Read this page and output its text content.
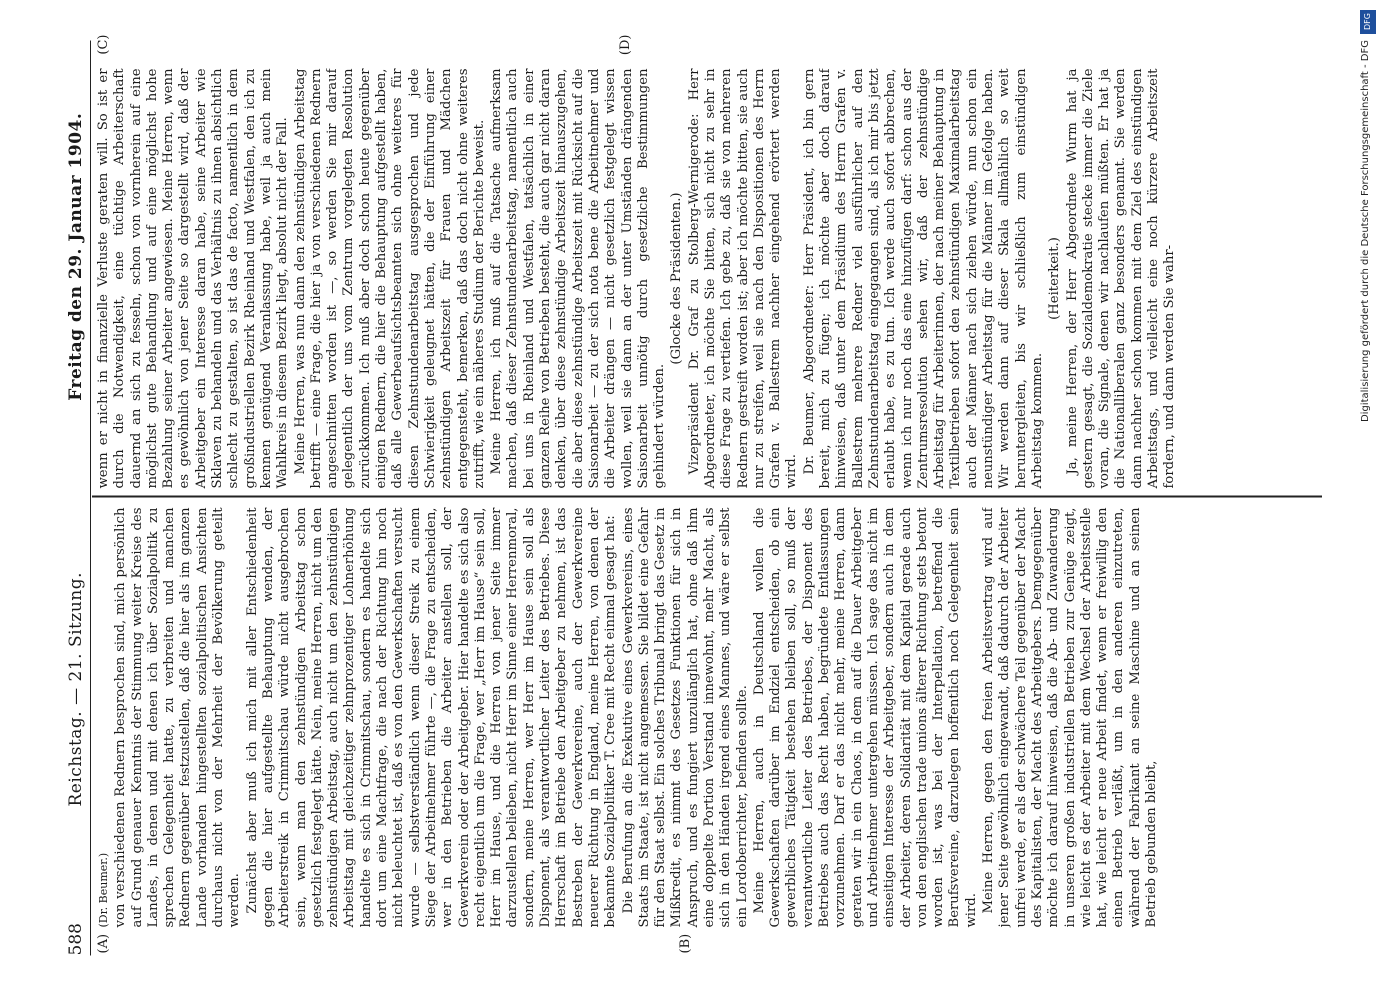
588
Reichstag. — 21. Sitzung.
Freitag den 29. Januar 1904.
(A)	(B)
(C)	(D)

(Dr. Beumer.) von verschiedenen Rednern besprochen sind, mich persönlich auf Grund genauer Kenntnis der Stimmung weiter Kreise des Landes, in denen und mit denen ich über Sozialpolitik zu sprechen Gelegenheit hatte, zu verbreiten und manchen Rednern gegenüber festzustellen, daß die hier als im ganzen Lande vorhanden hingestellten sozialpolitischen Ansichten durchaus nicht von der Mehrheit der Bevölkerung geteilt werden. Zunächst aber muß ich mich mit aller Entschiedenheit gegen die hier aufgestellte Behauptung wenden, der Arbeiterstreik in Crimmitschau würde nicht ausgebrochen sein, wenn man den zehnstündigen Arbeitstag schon gesetzlich festgelegt hätte. Nein, meine Herren, nicht um den zehnstündigen Arbeitstag, auch nicht um den zehnstündigen Arbeitstag mit gleichzeitiger zehnprozentiger Lohnerhöhung handelte es sich in Crimmitschau, sondern es handelte sich dort um eine Machtfrage, die nach der Richtung hin noch nicht beleuchtet ist, daß es von den Gewerkschaften versucht wurde — selbstverständlich wenn dieser Streik zu einem Siege der Arbeitnehmer führte —, die Frage zu entscheiden, wer in den Betrieben die Arbeiter anstellen soll, der Gewerkverein oder der Arbeitgeber. Hier handelte es sich also recht eigentlich um die Frage, wer „Herr im Hause“ sein soll, Herr im Hause, und die Herren von jener Seite immer darzustellen belieben, nicht Herr im Sinne einer Herrenmoral, sondern, meine Herren, wer Herr im Hause sein soll als Disponent, als verantwortlicher Leiter des Betriebes. Diese Herrschaft im Betriebe den Arbeitgeber zu nehmen, ist das Bestreben der Gewerkvereine, auch der Gewerkvereine neuerer Richtung in England, meine Herren, von denen der bekannte Sozialpolitiker T. Cree mit Recht einmal gesagt hat: Die Berufung an die Exekutive eines Gewerkvereins, eines Staats im Staate, ist nicht angemessen. Sie bildet eine Gefahr für den Staat selbst. Ein solches Tribunal bringt das Gesetz in Mißkredit, es nimmt des Gesetzes Funktionen für sich in Anspruch, und es fungiert unzulänglich hat, ohne daß ihm eine doppelte Portion Verstand innewohnt, mehr Macht, als sich in den Händen irgend eines Mannes, und wäre er selbst ein Lordoberrichter, befinden sollte. Meine Herren, auch in Deutschland wollen die Gewerkschaften darüber im Endziel entscheiden, ob ein gewerbliches Tätigkeit bestehen bleiben soll, so muß der verantwortliche Leiter des Betriebes, der Disponent des Betriebes auch das Recht haben, begründete Entlassungen vorzunehmen. Darf er das nicht mehr, meine Herren, dann geraten wir in ein Chaos, in dem auf die Dauer Arbeitgeber und Arbeitnehmer untergehen müssen. Ich sage das nicht im einseitigen Interesse der Arbeitgeber, sondern auch in dem der Arbeiter, deren Solidarität mit dem Kapital gerade auch von den englischen trade unions älterer Richtung stets betont worden ist, was bei der Interpellation, betreffend die Berufsvereine, darzulegen hoffentlich noch Gelegenheit sein wird. Meine Herren, gegen den freien Arbeitsvertrag wird auf jener Seite gewöhnlich eingewandt, daß dadurch der Arbeiter unfrei werde, er als der schwächere Teil gegenüber der Macht des Kapitalisten, der Macht des Arbeitgebers. Demgegenüber möchte ich darauf hinweisen, daß die Ab- und Zuwanderung in unseren großen industriellen Betrieben zur Genüge zeigt, wie leicht es der Arbeiter mit dem Wechsel der Arbeitsstelle hat, wie leicht er neue Arbeit findet, wenn er freiwillig den einen Betrieb verläßt, um in den anderen einzutreten, während der Fabrikant an seine Maschine und an seinen Betrieb gebunden bleibt,

wenn er nicht in finanzielle Verluste geraten will. So ist er durch die Notwendigkeit, eine tüchtige Arbeiterschaft dauernd an sich zu fesseln, schon von vornherein auf eine möglichst gute Behandlung und auf eine möglichst hohe Bezahlung seiner Arbeiter angewiesen. Meine Herren, wenn es gewöhnlich von jener Seite so dargestellt wird, daß der Arbeitgeber ein Interesse daran habe, seine Arbeiter wie Sklaven zu behandeln und das Verhältnis zu ihnen absichtlich schlecht zu gestalten, so ist das de facto, namentlich in dem großindustriellen Bezirk Rheinland und Westfalen, den ich zu kennen genügend Veranlassung habe, weil ja auch mein Wahlkreis in diesem Bezirk liegt, absolut nicht der Fall. Meine Herren, was nun dann den zehnstündigen Arbeitstag betrifft — eine Frage, die hier ja von verschiedenen Rednern angeschnitten worden ist —, so werden Sie mir darauf gelegentlich der uns vom Zentrum vorgelegten Resolution zurückkommen. Ich muß aber doch schon heute gegenüber einigen Rednern, die hier die Behauptung aufgestellt haben, daß alle Gewerbeaufsichtsbeamten sich ohne weiteres für diesen Zehnstundenarbeitstag ausgesprochen und jede Schwierigkeit geleugnet hätten, die der Einführung einer zehnstündigen Arbeitszeit für Frauen und Mädchen entgegensteht, bemerken, daß das doch nicht ohne weiteres zutrifft, wie ein näheres Studium der Berichte beweist. Meine Herren, ich muß auf die Tatsache aufmerksam machen, daß dieser Zehnstundenarbeitstag, namentlich auch bei uns in Rheinland und Westfalen, tatsächlich in einer ganzen Reihe von Betrieben besteht, die auch gar nicht daran denken, über diese zehnstündige Arbeitszeit hinauszugehen, die aber diese zehnstündige Arbeitszeit mit Rücksicht auf die Saisonarbeit — zu der sich nota bene die Arbeitnehmer und die Arbeiter drängen — nicht gesetzlich festgelegt wissen wollen, weil sie dann an der unter Umständen drängenden Saisonarbeit unnötig durch gesetzliche Bestimmungen gehindert würden.

(Glocke des Präsidenten.) Vizepräsident Dr. Graf zu Stolberg-Wernigerode: Herr Abgeordneter, ich möchte Sie bitten, sich nicht zu sehr in diese Frage zu vertiefen. Ich gebe zu, daß sie von mehreren Rednern gestreift worden ist; aber ich möchte bitten, sie auch nur zu streifen, weil sie nach den Dispositionen des Herrn Grafen v. Ballestrem nachher eingehend erörtert werden wird. Dr. Beumer, Abgeordneter: Herr Präsident, ich bin gern bereit, mich zu fügen; ich möchte aber doch darauf hinweisen, daß unter dem Präsidium des Herrn Grafen v. Ballestrem mehrere Redner viel ausführlicher auf den Zehnstundenarbeitstag eingegangen sind, als ich mir bis jetzt erlaubt habe, es zu tun. Ich werde auch sofort abbrechen, wenn ich nur noch das eine hinzufügen darf: schon aus der Zentrumsresolution sehen wir, daß der zehnstündige Arbeitstag für Arbeiterinnen, der nach meiner Behauptung in Textilbetrieben sofort den zehnstündigen Maximalarbeitstag auch der Männer nach sich ziehen würde, nun schon ein neunstündiger Arbeitstag für die Männer im Gefolge haben. Wir werden dann auf dieser Skala allmählich so weit heruntergleiten, bis wir schließlich zum einstündigen Arbeitstag kommen.

(Heiterkeit.) Ja, meine Herren, der Herr Abgeordnete Wurm hat ja gestern gesagt, die Sozialdemokratie stecke immer die Ziele voran, die Signale, denen wir nachlaufen müßten. Er hat ja die Nationalliberalen ganz besonders genannt. Sie werden dann nachher schon kommen mit dem Ziel des einstündigen Arbeitstags, und vielleicht eine noch kürzere Arbeitszeit fordern, und dann werden Sie wahr-

DFG
Digitalisierung gefördert durch die Deutsche Forschungsgemeinschaft - DFG
